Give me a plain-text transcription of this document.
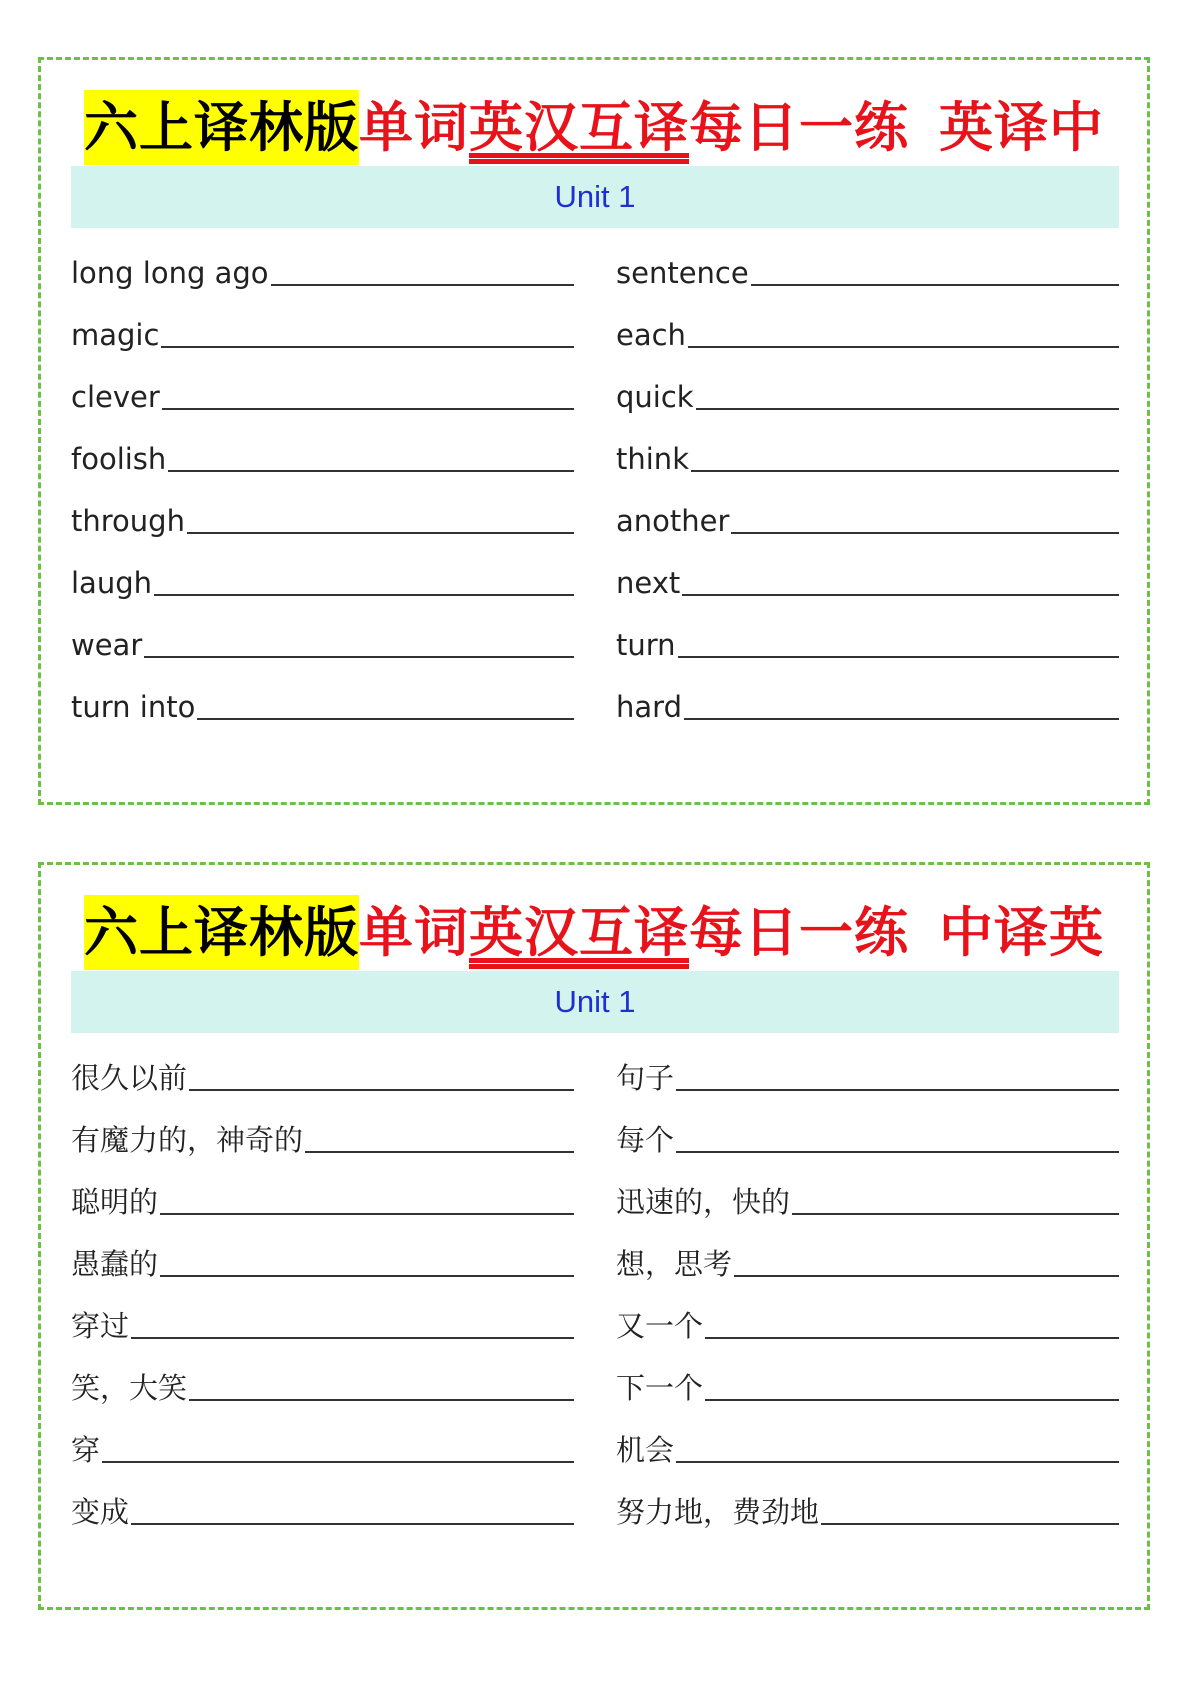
六上译林版单词英汉互译每日一练 英译中
Unit 1
long long ago
magic
clever
foolish
through
laugh
wear
turn into
sentence
each
quick
think
another
next
turn
hard
六上译林版单词英汉互译每日一练 中译英
Unit 1
很久以前
有魔力的，神奇的
聪明的
愚蠢的
穿过
笑，大笑
穿
变成
句子
每个
迅速的，快的
想，思考
又一个
下一个
机会
努力地，费劲地
